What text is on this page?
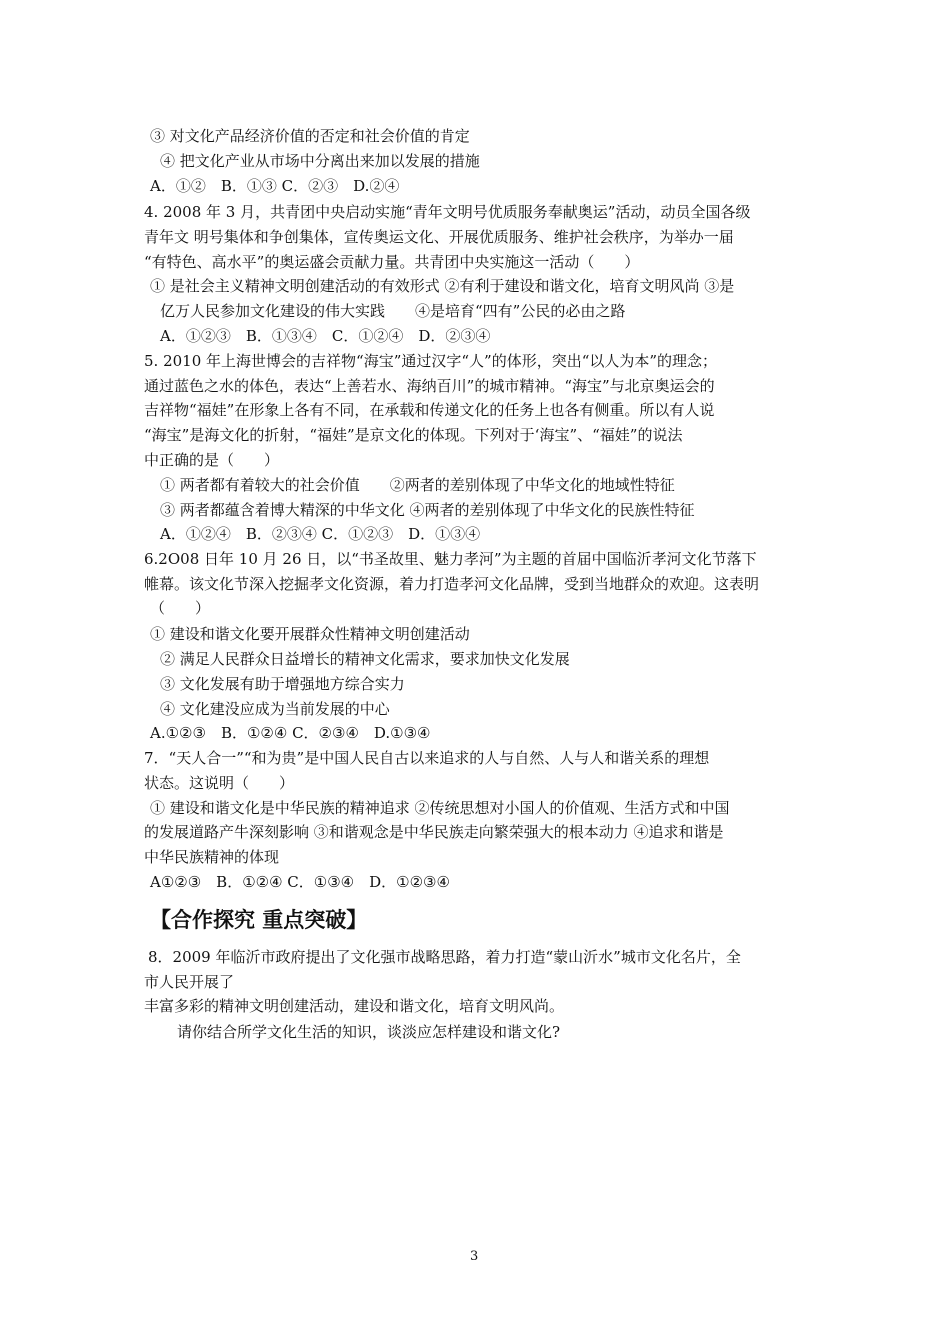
③ 对文化产品经济价值的否定和社会价值的肯定
④ 把文化产业从市场中分离出来加以发展的措施
A．①②　B．①③ C．②③　D.②④
4. 2008 年 3 月，共青团中央启动实施“青年文明号优质服务奉献奥运”活动，动员全国各级
青年文 明号集体和争创集体，宣传奥运文化、开展优质服务、维护社会秩序，为举办一届
“有特色、高水平”的奥运盛会贡献力量。共青团中央实施这一活动（　　）
① 是社会主义精神文明创建活动的有效形式 ②有利于建设和谐文化，培育文明风尚 ③是
亿万人民参加文化建设的伟大实践　　④是培育“四有”公民的必由之路
A．①②③　B．①③④　C．①②④　D．②③④
5. 2010 年上海世博会的吉祥物“海宝”通过汉字“人”的体形，突出“以人为本”的理念；
通过蓝色之水的体色，表达“上善若水、海纳百川”的城市精神。“海宝”与北京奥运会的
吉祥物“福娃”在形象上各有不同，在承载和传递文化的任务上也各有侧重。所以有人说
“海宝”是海文化的折射，“福娃”是京文化的体现。下列对于‘海宝”、“福娃”的说法
中正确的是（　　）
① 两者都有着较大的社会价值　　②两者的差别体现了中华文化的地域性特征
③ 两者都蕴含着博大精深的中华文化 ④两者的差别体现了中华文化的民族性特征
A．①②④　B．②③④ C．①②③　D．①③④
6.2O08 日年 10 月 26 日，以“书圣故里、魅力孝河”为主题的首届中国临沂孝河文化节落下
帷幕。该文化节深入挖掘孝文化资源，着力打造孝河文化品牌，受到当地群众的欢迎。这表明
（　　）
① 建设和谐文化要开展群众性精神文明创建活动
② 满足人民群众日益增长的精神文化需求，要求加快文化发展
③ 文化发展有助于增强地方综合实力
④ 文化建没应成为当前发展的中心
A.①②③　B．①②④ C．②③④　D.①③④
7．“天人合一”“和为贵”是中国人民自古以来追求的人与自然、人与人和谐关系的理想
状态。这说明（　　）
① 建设和谐文化是中华民族的精神追求 ②传统思想对小国人的价值观、生活方式和中国
的发展道路产牛深刻影响 ③和谐观念是中华民族走向繁荣强大的根本动力 ④追求和谐是
中华民族精神的体现
A①②③　B．①②④ C．①③④　D．①②③④
【合作探究 重点突破】
8．2009 年临沂市政府提出了文化强市战略思路，着力打造“蒙山沂水”城市文化名片，全
市人民开展了
丰富多彩的精神文明创建活动，建设和谐文化，培育文明风尚。
请你结合所学文化生活的知识，谈淡应怎样建设和谐文化?
3
